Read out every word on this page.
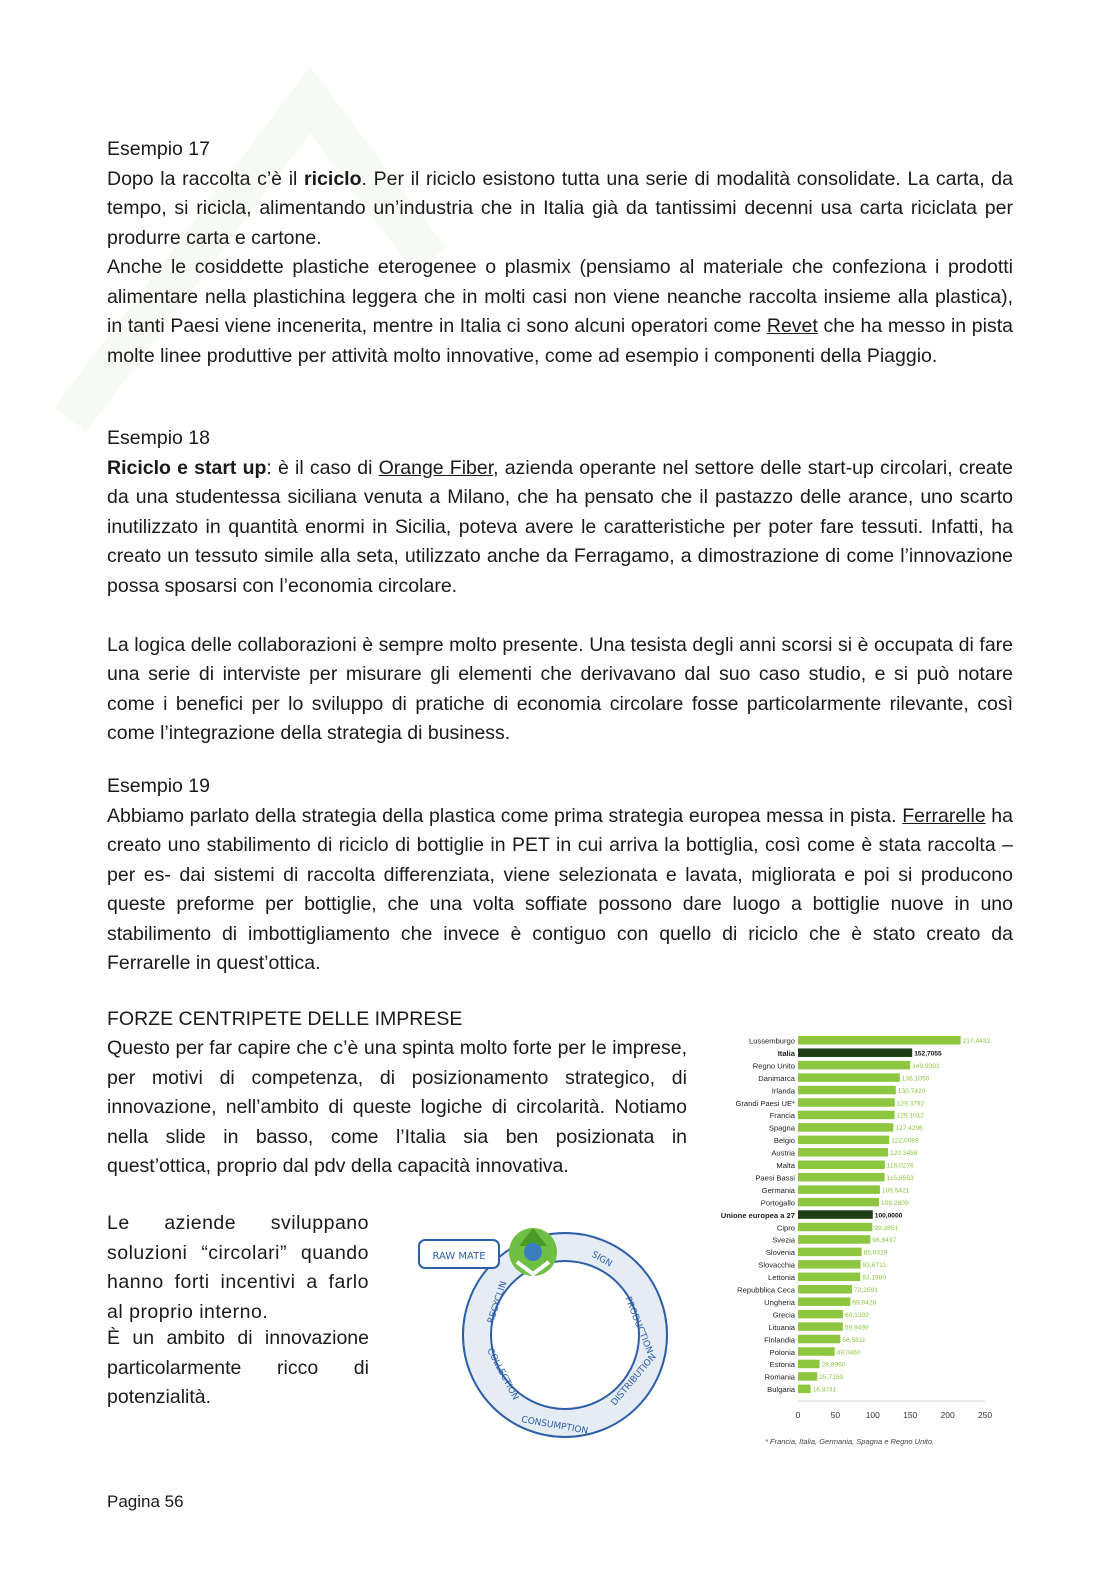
Esempio 17

Dopo la raccolta c’è il riciclo. Per il riciclo esistono tutta una serie di modalità consolidate. La carta, da tempo, si ricicla, alimentando un’industria che in Italia già da tantissimi decenni usa carta riciclata per produrre carta e cartone.

Anche le cosiddette plastiche eterogenee o plasmix (pensiamo al materiale che confeziona i prodotti alimentare nella plastichina leggera che in molti casi non viene neanche raccolta insieme alla plastica), in tanti Paesi viene incenerita, mentre in Italia ci sono alcuni operatori come Revet che ha messo in pista molte linee produttive per attività molto innovative, come ad esempio i componenti della Piaggio.

Esempio 18

Riciclo e start up: è il caso di Orange Fiber, azienda operante nel settore delle start-up circolari, create da una studentessa siciliana venuta a Milano, che ha pensato che il pastazzo delle arance, uno scarto inutilizzato in quantità enormi in Sicilia, poteva avere le caratteristiche per poter fare tessuti. Infatti, ha creato un tessuto simile alla seta, utilizzato anche da Ferragamo, a dimostrazione di come l’innovazione possa sposarsi con l’economia circolare.

La logica delle collaborazioni è sempre molto presente. Una tesista degli anni scorsi si è occupata di fare una serie di interviste per misurare gli elementi che derivavano dal suo caso studio, e si può notare come i benefici per lo sviluppo di pratiche di economia circolare fosse particolarmente rilevante, così come l’integrazione della strategia di business.

Esempio 19

Abbiamo parlato della strategia della plastica come prima strategia europea messa in pista. Ferrarelle ha creato uno stabilimento di riciclo di bottiglie in PET in cui arriva la bottiglia, così come è stata raccolta –per es- dai sistemi di raccolta differenziata, viene selezionata e lavata, migliorata e poi si producono queste preforme per bottiglie, che una volta soffiate possono dare luogo a bottiglie nuove in uno stabilimento di imbottigliamento che invece è contiguo con quello di riciclo che è stato creato da Ferrarelle in quest’ottica.

FORZE CENTRIPETE DELLE IMPRESE
Questo per far capire che c’è una spinta molto forte per le imprese, per motivi di competenza, di posizionamento strategico, di innovazione, nell’ambito di queste logiche di circolarità. Notiamo nella slide in basso, come l’Italia sia ben posizionata in quest’ottica, proprio dal pdv della capacità innovativa.
Le aziende sviluppano soluzioni “circolari” quando hanno forti incentivi a farlo al proprio interno.
È un ambito di innovazione particolarmente ricco di potenzialità.
RAW MATE	SIGN
PRODUCTION
DISTRIBUTION
CONSUMPTION
COLLECTION
RECYCLIN
Lussemburgo	217,4432
Italia	152,7055
Regno Unito	149,9391
Danimarca	136,1050
Irlanda	130,7420
Grandi Paesi UE*	129,3792
Francia	129,1012
Spagna	127,4296
Belgio	122,0089
Austria	120,3458
Malta	116,0276
Paesi Bassi	115,8553
Germania	109,5421
Portogallo	108,2809
Unione europea a 27	100,0000
Cipro	99,3851
Svezia	96,6437
Slovenia	85,0319
Slovacchia	83,6711
Lettonia	83,1980
Repubblica Ceca	72,2591
Ungheria	69,9428
Grecia	60,1392
Lituania	59,9499
Finlandia	56,5811
Polonia	49,0460
Estonia	28,8960
Romania	25,7159
Bulgaria	16,8741
0	50	100	150	200	250
* Francia, Italia, Germania, Spagna e Regno Unito.
Pagina 56
